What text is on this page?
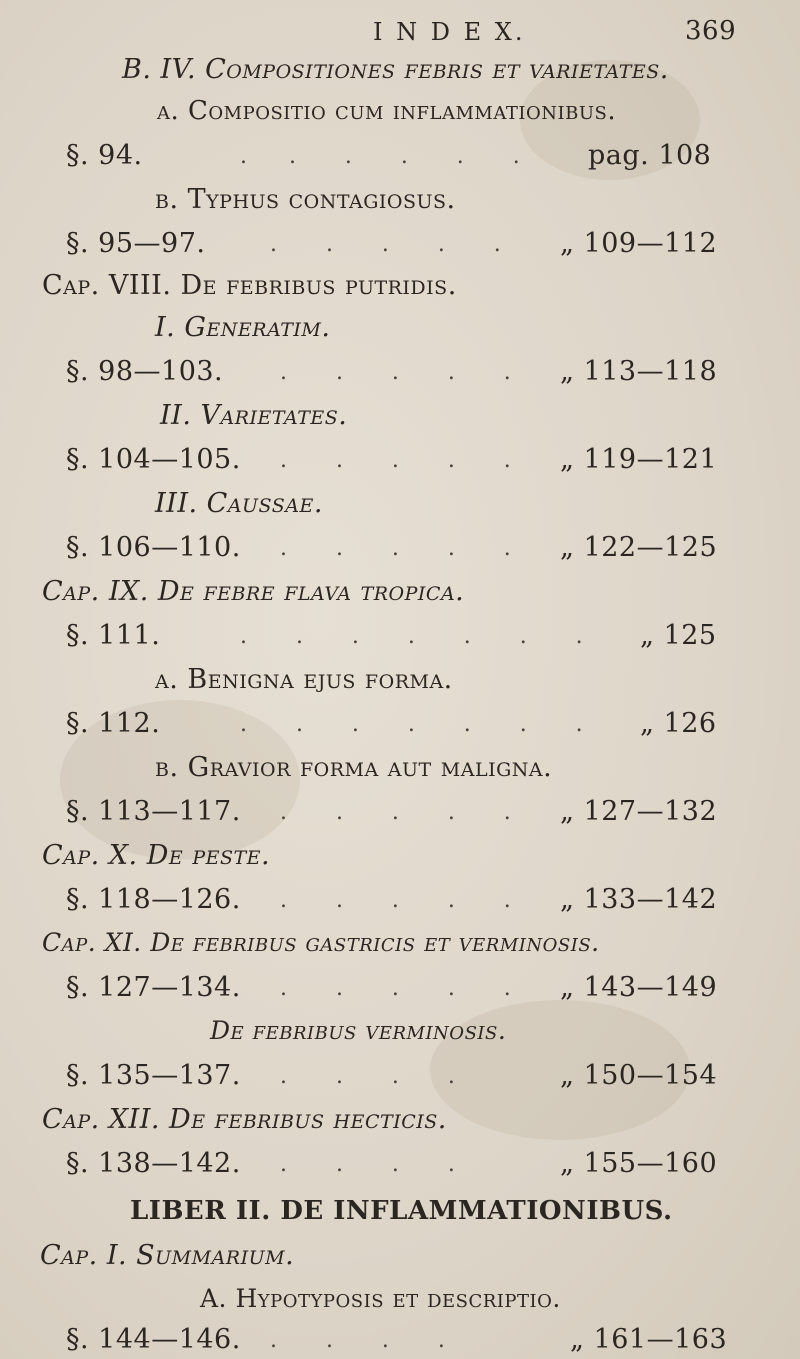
I N D E X.	369
B. IV. Compositiones febris et varietates.
a. Compositio cum inflammationibus.
§. 94.	.      .       .       .       .       .	pag. 108
b. Typhus contagiosus.
§. 95—97.	.       .       .       .       . „ 109—112
Cap. VIII. De febribus putridis.
I. Generatim.
§. 98—103.	.       .       .       .       . „ 113—118
II. Varietates.
§. 104—105. .       .       .       .       . „ 119—121
III. Caussae.
§. 106—110. .       .       .       .       . „ 122—125
Cap. IX. De febre flava tropica.
§. 111.	.       .       .       .       .       .       . „ 125
a. Benigna ejus forma.
§. 112.	.       .       .       .       .       .       . „ 126
b. Gravior forma aut maligna.
§. 113—117. .       .       .       .       . „ 127—132
Cap. X. De peste.
§. 118—126. .       .       .       .       . „ 133—142
Cap. XI. De febribus gastricis et verminosis.
§. 127—134. .       .       .       .       . „ 143—149
De febribus verminosis.
§. 135—137. .       .       .       .	„ 150—154
Cap. XII. De febribus hecticis.
§. 138—142. .       .       .       .	„ 155—160
LIBER II. DE INFLAMMATIONIBUS.
Cap. I. Summarium.
A. Hypotyposis et descriptio.
§. 144—146. .       .       .       .	„ 161—163
